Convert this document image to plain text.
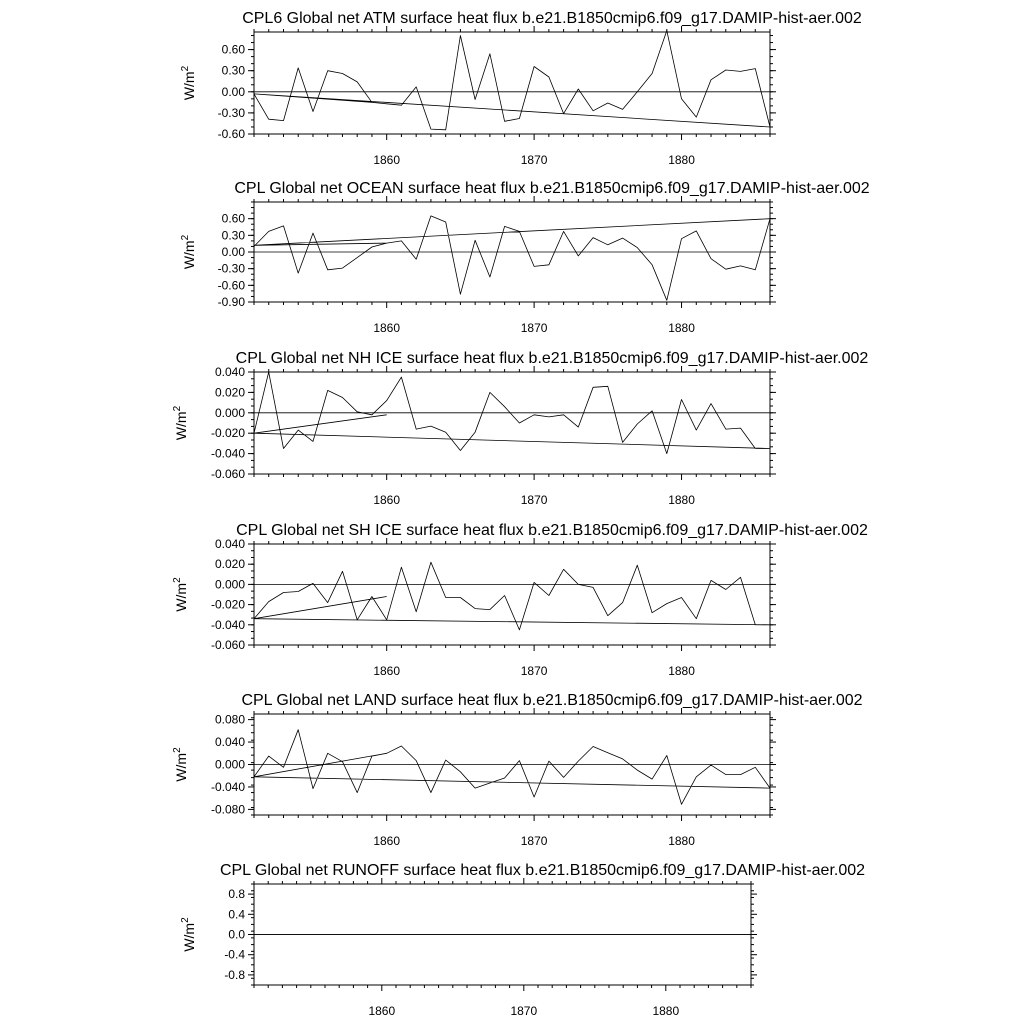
CPL6 Global net ATM surface heat flux b.e21.B1850cmip6.f09_g17.DAMIP-hist-aer.002
1860	1870	1880
-0.60
-0.30
0.00
0.30
0.60
$W/m^2$
CPL Global net OCEAN surface heat flux b.e21.B1850cmip6.f09_g17.DAMIP-hist-aer.002
1860	1870	1880
-0.90
-0.60
-0.30
0.00
0.30
0.60
$W/m^2$
CPL Global net NH ICE surface heat flux b.e21.B1850cmip6.f09_g17.DAMIP-hist-aer.002
1860	1870	1880
-0.060
-0.040
-0.020
0.000
0.020
0.040
$W/m^2$
CPL Global net SH ICE surface heat flux b.e21.B1850cmip6.f09_g17.DAMIP-hist-aer.002
1860	1870	1880
-0.060
-0.040
-0.020
0.000
0.020
0.040
$W/m^2$
CPL Global net LAND surface heat flux b.e21.B1850cmip6.f09_g17.DAMIP-hist-aer.002
1860	1870	1880
-0.080
-0.040
0.000
0.040
0.080
$W/m^2$
CPL Global net RUNOFF surface heat flux b.e21.B1850cmip6.f09_g17.DAMIP-hist-aer.002
1860	1870	1880
-0.8
-0.4
0.0
0.4
0.8
$W/m^2$
